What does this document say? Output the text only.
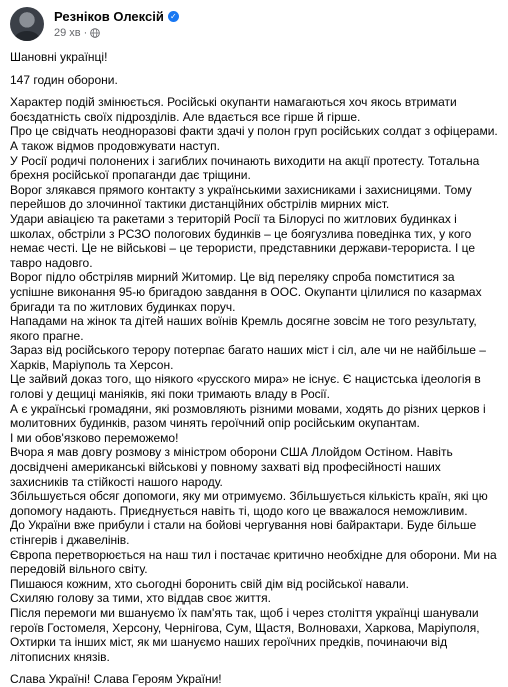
Резніков Олексій ✓
29 хв ·

Шановні українці!

147 годин оборони.

Характер подій змінюється. Російські окупанти намагаються хоч якось втримати боєздатність своїх підрозділів. Але вдається все гірше й гірше.

Про це свідчать неодноразові факти здачі у полон груп російських солдат з офіцерами. А також відмов продовжувати наступ.

У Росії родичі полонених і загиблих починають виходити на акції протесту. Тотальна брехня російської пропаганди дає тріщини.

Ворог злякався прямого контакту з українськими захисниками і захисницями. Тому перейшов до злочинної тактики дистанційних обстрілів мирних міст.

Удари авіацією та ракетами з територій Росії та Білорусі по житлових будинках і школах, обстріли з РСЗО пологових будинків – це боягузлива поведінка тих, у кого немає честі. Це не військові – це терористи, представники держави-терориста. І це тавро надовго.

Ворог підло обстріляв мирний Житомир. Це від переляку спроба помститися за успішне виконання 95-ю бригадою завдання в ООС. Окупанти цілилися по казармах бригади та по житлових будинках поруч.

Нападами на жінок та дітей наших воїнів Кремль досягне зовсім не того результату, якого прагне.

Зараз від російського терору потерпає багато наших міст і сіл, але чи не найбільше – Харків, Маріуполь та Херсон.

Це зайвий доказ того, що ніякого «русского мира» не існує. Є нацистська ідеологія в голові у дещиці маніяків, які поки тримають владу в Росії.

А є українські громадяни, які розмовляють різними мовами, ходять до різних церков і молитовних будинків, разом чинять героїчний опір російським окупантам.

І ми обов'язково переможемо!

Вчора я мав довгу розмову з міністром оборони США Ллойдом Остіном. Навіть досвідчені американські військові у повному захваті від професійності наших захисників та стійкості нашого народу.

Збільшується обсяг допомоги, яку ми отримуємо. Збільшується кількість країн, які цю допомогу надають. Приєднується навіть ті, щодо кого це вважалося неможливим.

До України вже прибули і стали на бойові чергування нові байрактари. Буде більше стінгерів і джавелінів.

Європа перетворюється на наш тил і постачає критично необхідне для оборони. Ми на передовій вільного світу.

Пишаюся кожним, хто сьогодні боронить свій дім від російської навали.

Схиляю голову за тими, хто віддав своє життя.

Після перемоги ми вшануємо їх пам'ять так, щоб і через століття українці шанували героїв Гостомеля, Херсону, Чернігова, Сум, Щастя, Волновахи, Харкова, Маріуполя, Охтирки та інших міст, як ми шануємо наших героїчних предків, починаючи від літописних князів.

Слава Україні! Слава Героям України!
